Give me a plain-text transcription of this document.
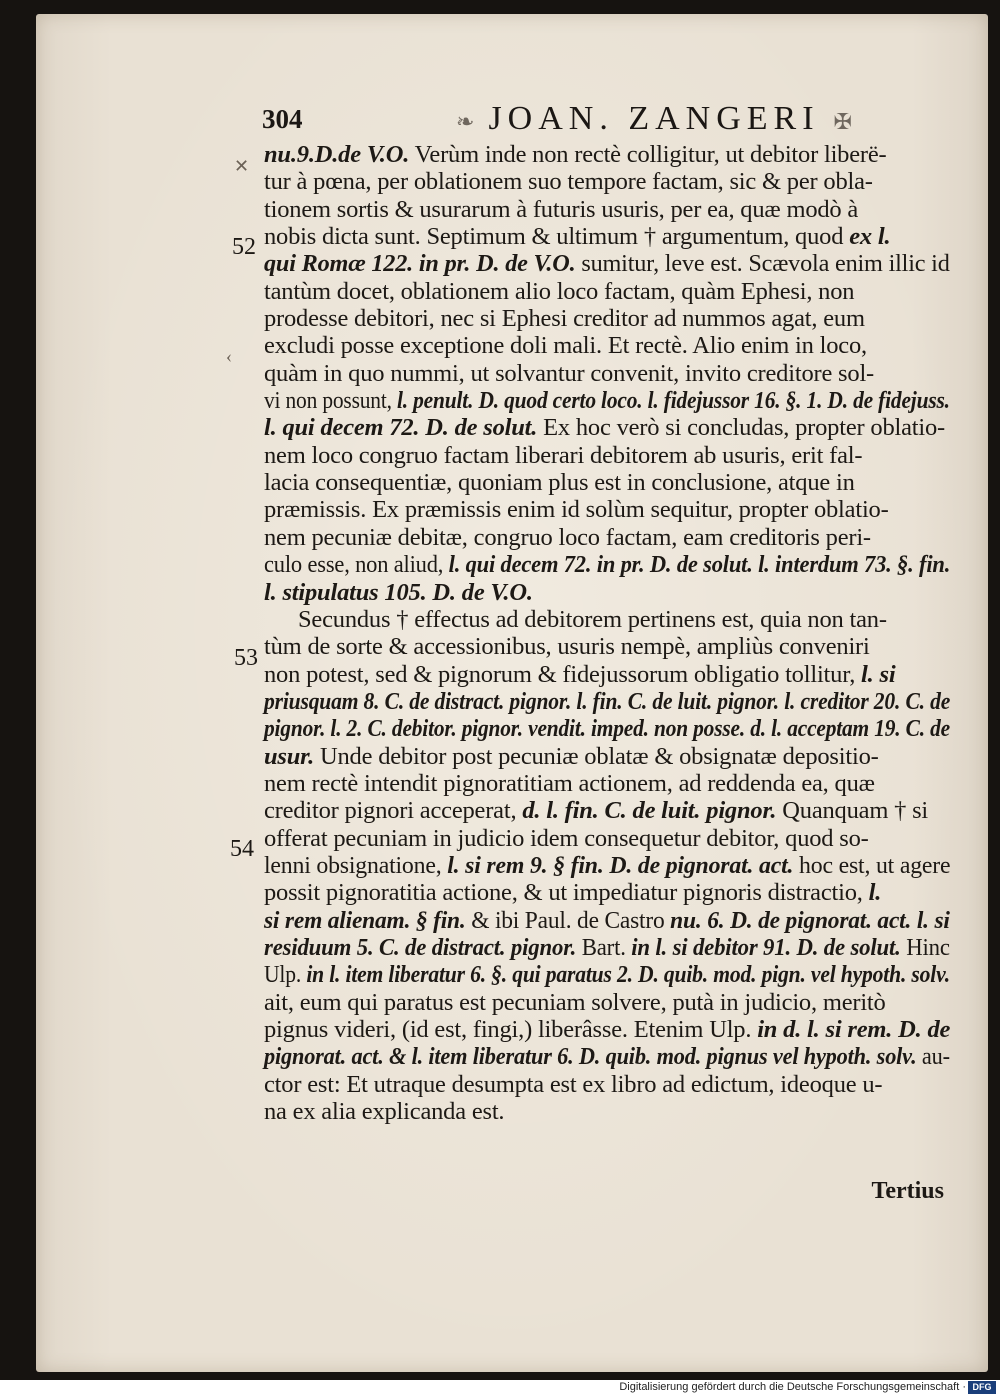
304	❧ JOAN. ZANGERI ✠
✕
‹
52
53
54
nu.9.D.de V.O. Verùm inde non rectè colligitur, ut debitor liberë-
tur à pœna, per oblationem suo tempore factam, sic & per obla-
tionem sortis & usurarum à futuris usuris, per ea, quæ modò à
nobis dicta sunt. Septimum & ultimum † argumentum, quod ex l.
qui Romæ 122. in pr. D. de V.O. sumitur, leve est. Scævola enim illic id
tantùm docet, oblationem alio loco factam, quàm Ephesi, non
prodesse debitori, nec si Ephesi creditor ad nummos agat, eum
excludi posse exceptione doli mali. Et rectè. Alio enim in loco,
quàm in quo nummi, ut solvantur convenit, invito creditore sol-
vi non possunt, l. penult. D. quod certo loco. l. fidejussor 16. §. 1. D. de fidejuss.
l. qui decem 72. D. de solut. Ex hoc verò si concludas, propter oblatio-
nem loco congruo factam liberari debitorem ab usuris, erit fal-
lacia consequentiæ, quoniam plus est in conclusione, atque in
præmissis. Ex præmissis enim id solùm sequitur, propter oblatio-
nem pecuniæ debitæ, congruo loco factam, eam creditoris peri-
culo esse, non aliud, l. qui decem 72. in pr. D. de solut. l. interdum 73. §. fin.
l. stipulatus 105. D. de V.O.
Secundus † effectus ad debitorem pertinens est, quia non tan-
tùm de sorte & accessionibus, usuris nempè, ampliùs conveniri
non potest, sed & pignorum & fidejussorum obligatio tollitur, l. si
priusquam 8. C. de distract. pignor. l. fin. C. de luit. pignor. l. creditor 20. C. de
pignor. l. 2. C. debitor. pignor. vendit. imped. non posse. d. l. acceptam 19. C. de
usur. Unde debitor post pecuniæ oblatæ & obsignatæ depositio-
nem rectè intendit pignoratitiam actionem, ad reddenda ea, quæ
creditor pignori acceperat, d. l. fin. C. de luit. pignor. Quanquam † si
offerat pecuniam in judicio idem consequetur debitor, quod so-
lenni obsignatione, l. si rem 9. § fin. D. de pignorat. act. hoc est, ut agere
possit pignoratitia actione, & ut impediatur pignoris distractio, l.
si rem alienam. § fin. & ibi Paul. de Castro nu. 6. D. de pignorat. act. l. si
residuum 5. C. de distract. pignor. Bart. in l. si debitor 91. D. de solut. Hinc
Ulp. in l. item liberatur 6. §. qui paratus 2. D. quib. mod. pign. vel hypoth. solv.
ait, eum qui paratus est pecuniam solvere, putà in judicio, meritò
pignus videri, (id est, fingi,) liberâsse. Etenim Ulp. in d. l. si rem. D. de
pignorat. act. & l. item liberatur 6. D. quib. mod. pignus vel hypoth. solv. au-
ctor est: Et utraque desumpta est ex libro ad edictum, ideoque u-
na ex alia explicanda est.
Tertius
Digitalisierung gefördert durch die Deutsche Forschungsgemeinschaft · DFG
